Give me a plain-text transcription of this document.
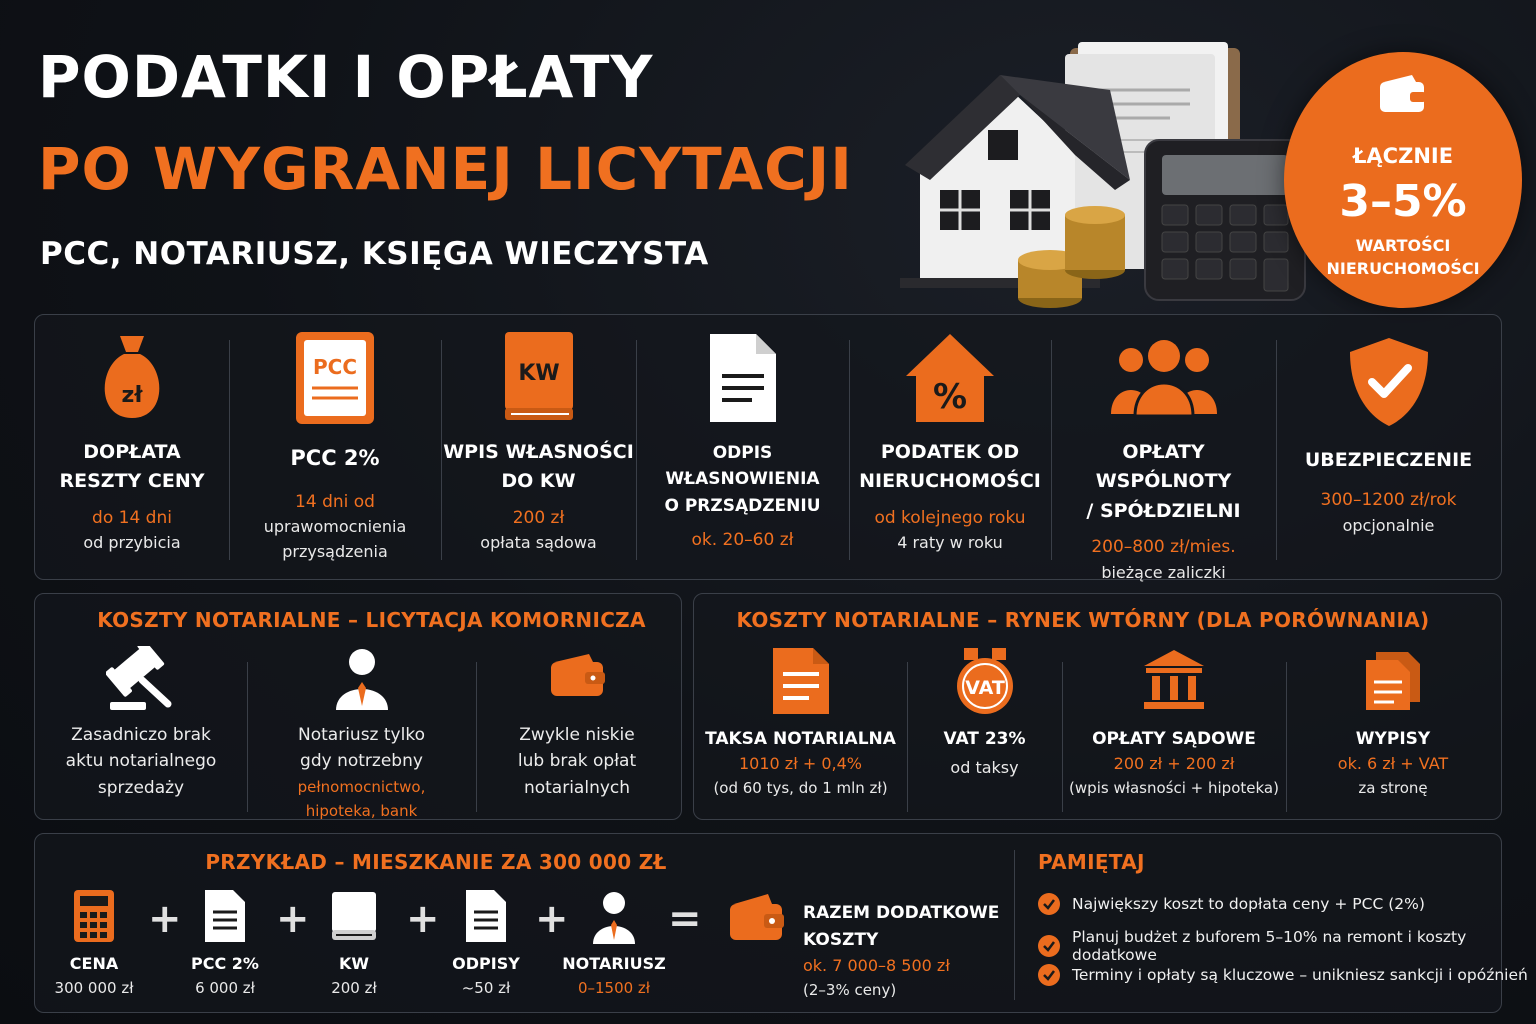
PODATKI I OPŁATY
PO WYGRANEJ LICYTACJI
PCC, NOTARIUSZ, KSIĘGA WIECZYSTA
ŁĄCZNIE
3–5%
WARTOŚCI
NIERUCHOMOŚCI
zł
DOPŁATA
RESZTY CENY
do 14 dni
od przybicia
PCC
PCC 2%
14 dni od
uprawomocnienia
przysądzenia
KW
WPIS WŁASNOŚCI
DO KW
200 zł
opłata sądowa
ODPIS WŁASNOWIENIA
O PRZSĄDZENIU
ok. 20–60 zł
%
PODATEK OD
NIERUCHOMOŚCI
od kolejnego roku
4 raty w roku
OPŁATY WSPÓLNOTY
/ SPÓŁDZIELNI
200–800 zł/mies.
bieżące zaliczki
UBEZPIECZENIE
300–1200 zł/rok
opcjonalnie
KOSZTY NOTARIALNE – LICYTACJA KOMORNICZA
Zasadniczo brak
aktu notarialnego
sprzedaży
Notariusz tylko
gdy notrzebny
pełnomocnictwo,
hipoteka, bank
Zwykle niskie
lub brak opłat
notarialnych
KOSZTY NOTARIALNE – RYNEK WTÓRNY (DLA PORÓWNANIA)
TAKSA NOTARIALNA
1010 zł + 0,4%
(od 60 tys, do 1 mln zł)
VAT
VAT 23%
od taksy
OPŁATY SĄDOWE
200 zł + 200 zł
(wpis własności + hipoteka)
WYPISY
ok. 6 zł + VAT
za stronę
PRZYKŁAD – MIESZKANIE ZA 300 000 ZŁ
CENA
300 000 zł
+
PCC 2%
6 000 zł
+
KW
200 zł
+
ODPISY
~50 zł
+
NOTARIUSZ
0–1500 zł
=	RAZEM DODATKOWE
KOSZTY
ok. 7 000–8 500 zł
(2–3% ceny)
PAMIĘTAJ
Największy koszt to dopłata ceny + PCC (2%)
Planuj budżet z buforem 5–10% na remont i koszty dodatkowe
Terminy i opłaty są kluczowe – unikniesz sankcji i opóźnień
